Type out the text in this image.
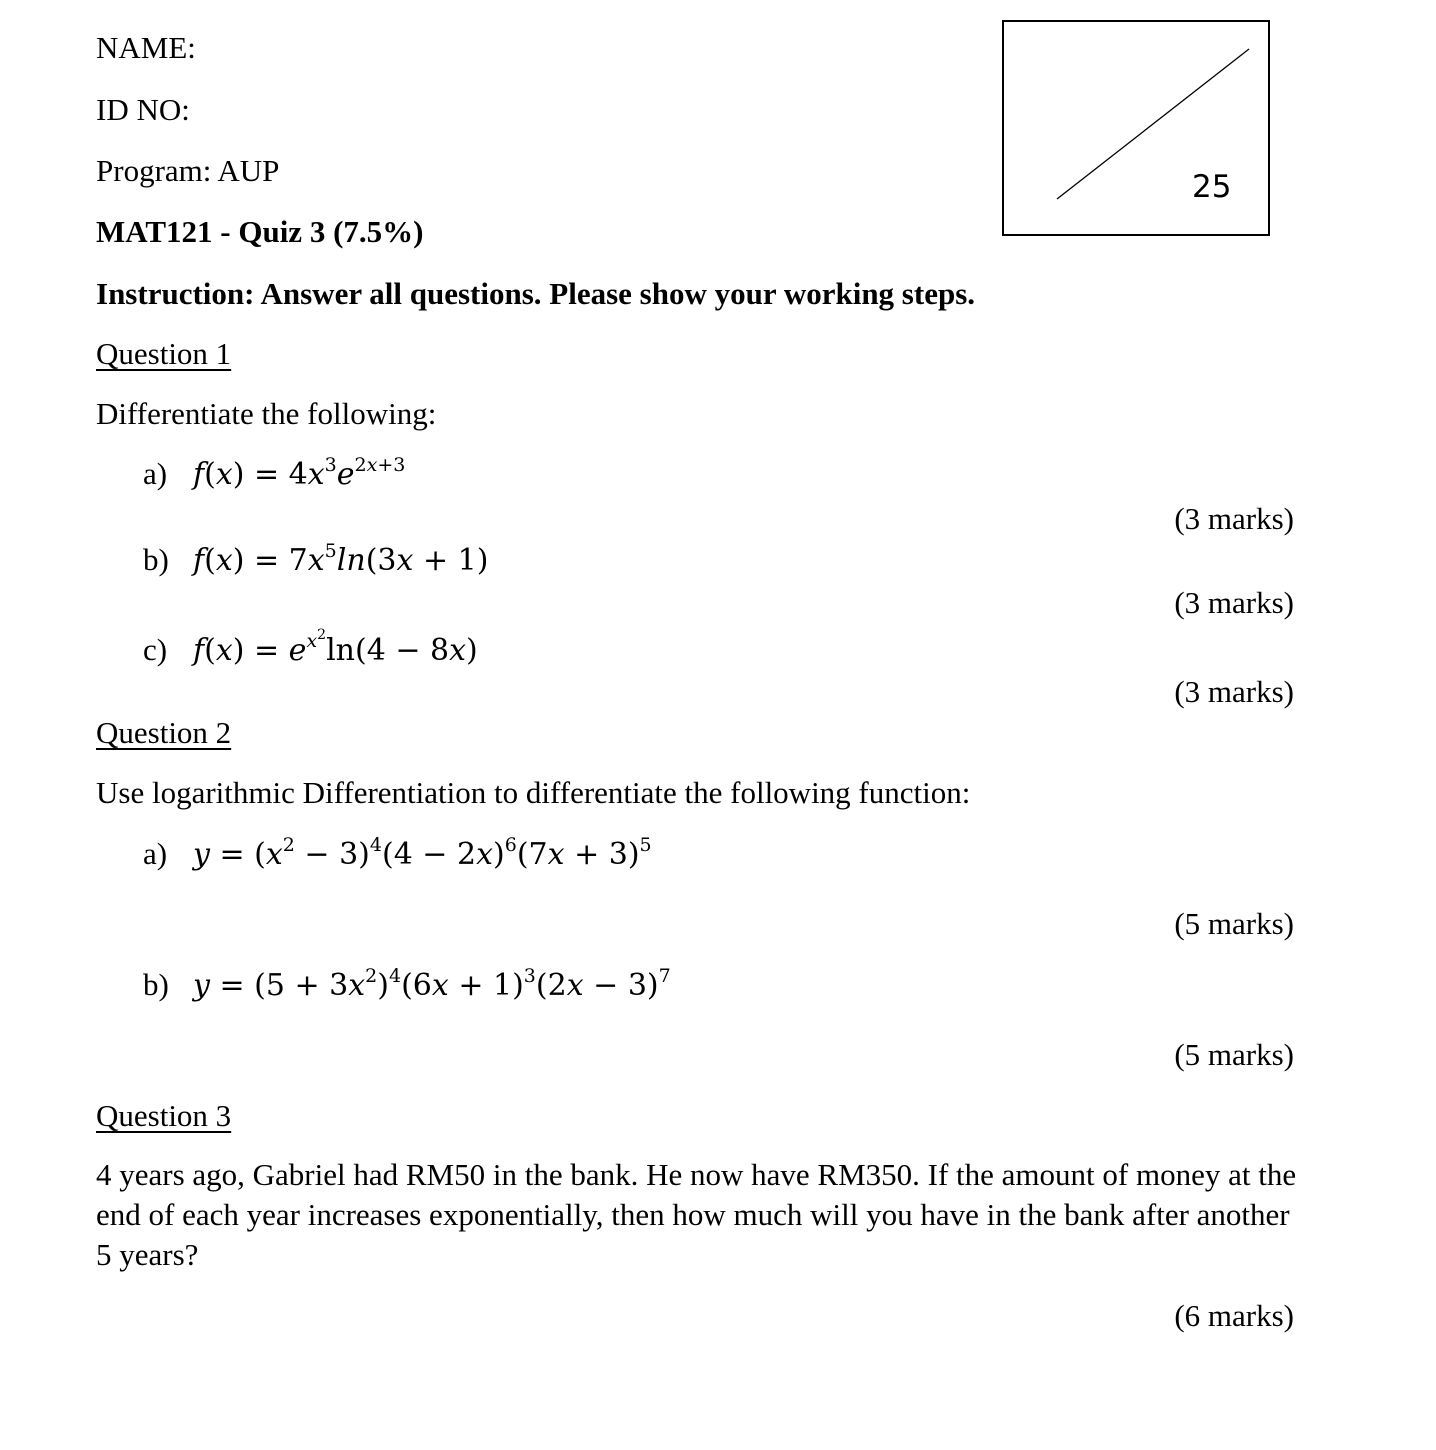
NAME:
ID NO:
Program: AUP
MAT121 - Quiz 3 (7.5%)
Instruction: Answer all questions. Please show your working steps.
25
Question 1
Differentiate the following:
a) $f(x) = 4x^3e^{2x+3}$
(3 marks)
b) $f(x) = 7x^5\ln(3x + 1)$
(3 marks)
c) $f(x) = e^{x^2}\ln(4 - 8x)$
(3 marks)
Question 2
Use logarithmic Differentiation to differentiate the following function:
a) $y = (x^2 - 3)^4(4 - 2x)^6(7x + 3)^5$
(5 marks)
b) $y = (5 + 3x^2)^4(6x + 1)^3(2x - 3)^7$
(5 marks)
Question 3
4 years ago, Gabriel had RM50 in the bank. He now have RM350. If the amount of money at the end of each year increases exponentially, then how much will you have in the bank after another 5 years?
(6 marks)
